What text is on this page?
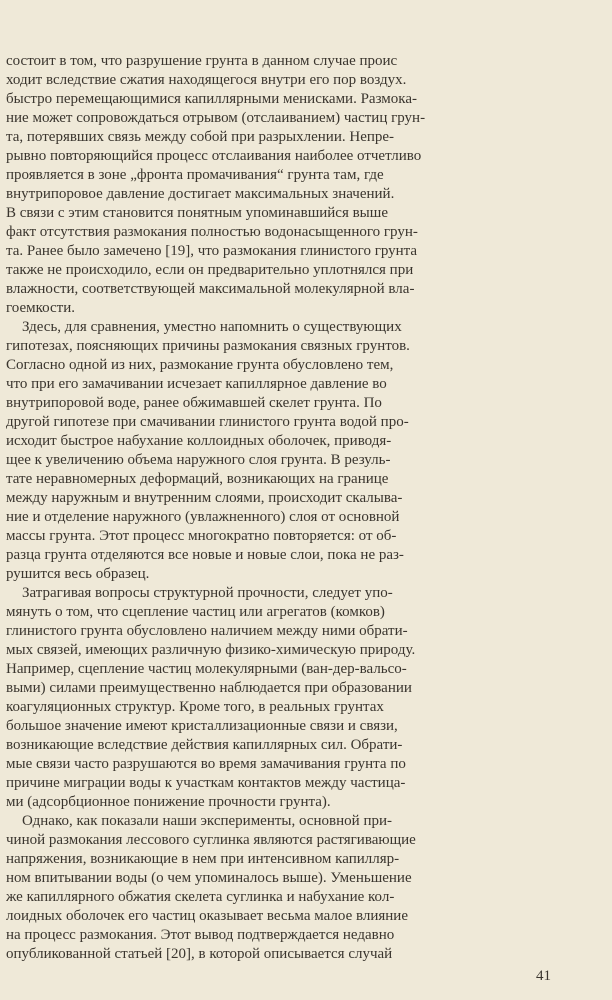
состоит в том, что разрушение грунта в данном случае проис
ходит вследствие сжатия находящегося внутри его пор воздух.
быстро перемещающимися капиллярными менисками. Размока-
ние может сопровождаться отрывом (отслаиванием) частиц грун-
та, потерявших связь между собой при разрыхлении. Непре-
рывно повторяющийся процесс отслаивания наиболее отчетливо
проявляется в зоне „фронта промачивания“ грунта там, где
внутрипоровое давление достигает максимальных значений.
В связи с этим становится понятным упоминавшийся выше
факт отсутствия размокания полностью водонасыщенного грун-
та. Ранее было замечено [19], что размокания глинистого грунта
также не происходило, если он предварительно уплотнялся при
влажности, соответствующей максимальной молекулярной вла-
гоемкости.
Здесь, для сравнения, уместно напомнить о существующих
гипотезах, поясняющих причины размокания связных грунтов.
Согласно одной из них, размокание грунта обусловлено тем,
что при его замачивании исчезает капиллярное давление во
внутрипоровой воде, ранее обжимавшей скелет грунта. По
другой гипотезе при смачивании глинистого грунта водой про-
исходит быстрое набухание коллоидных оболочек, приводя-
щее к увеличению объема наружного слоя грунта. В резуль-
тате неравномерных деформаций, возникающих на границе
между наружным и внутренним слоями, происходит скалыва-
ние и отделение наружного (увлажненного) слоя от основной
массы грунта. Этот процесс многократно повторяется: от об-
разца грунта отделяются все новые и новые слои, пока не раз-
рушится весь образец.
Затрагивая вопросы структурной прочности, следует упо-
мянуть о том, что сцепление частиц или агрегатов (комков)
глинистого грунта обусловлено наличием между ними обрати-
мых связей, имеющих различную физико-химическую природу.
Например, сцепление частиц молекулярными (ван-дер-вальсо-
выми) силами преимущественно наблюдается при образовании
коагуляционных структур. Кроме того, в реальных грунтах
большое значение имеют кристаллизационные связи и связи,
возникающие вследствие действия капиллярных сил. Обрати-
мые связи часто разрушаются во время замачивания грунта по
причине миграции воды к участкам контактов между частица-
ми (адсорбционное понижение прочности грунта).
Однако, как показали наши эксперименты, основной при-
чиной размокания лессового суглинка являются растягивающие
напряжения, возникающие в нем при интенсивном капилляр-
ном впитывании воды (о чем упоминалось выше). Уменьшение
же капиллярного обжатия скелета суглинка и набухание кол-
лоидных оболочек его частиц оказывает весьма малое влияние
на процесс размокания. Этот вывод подтверждается недавно
опубликованной статьей [20], в которой описывается случай
41
